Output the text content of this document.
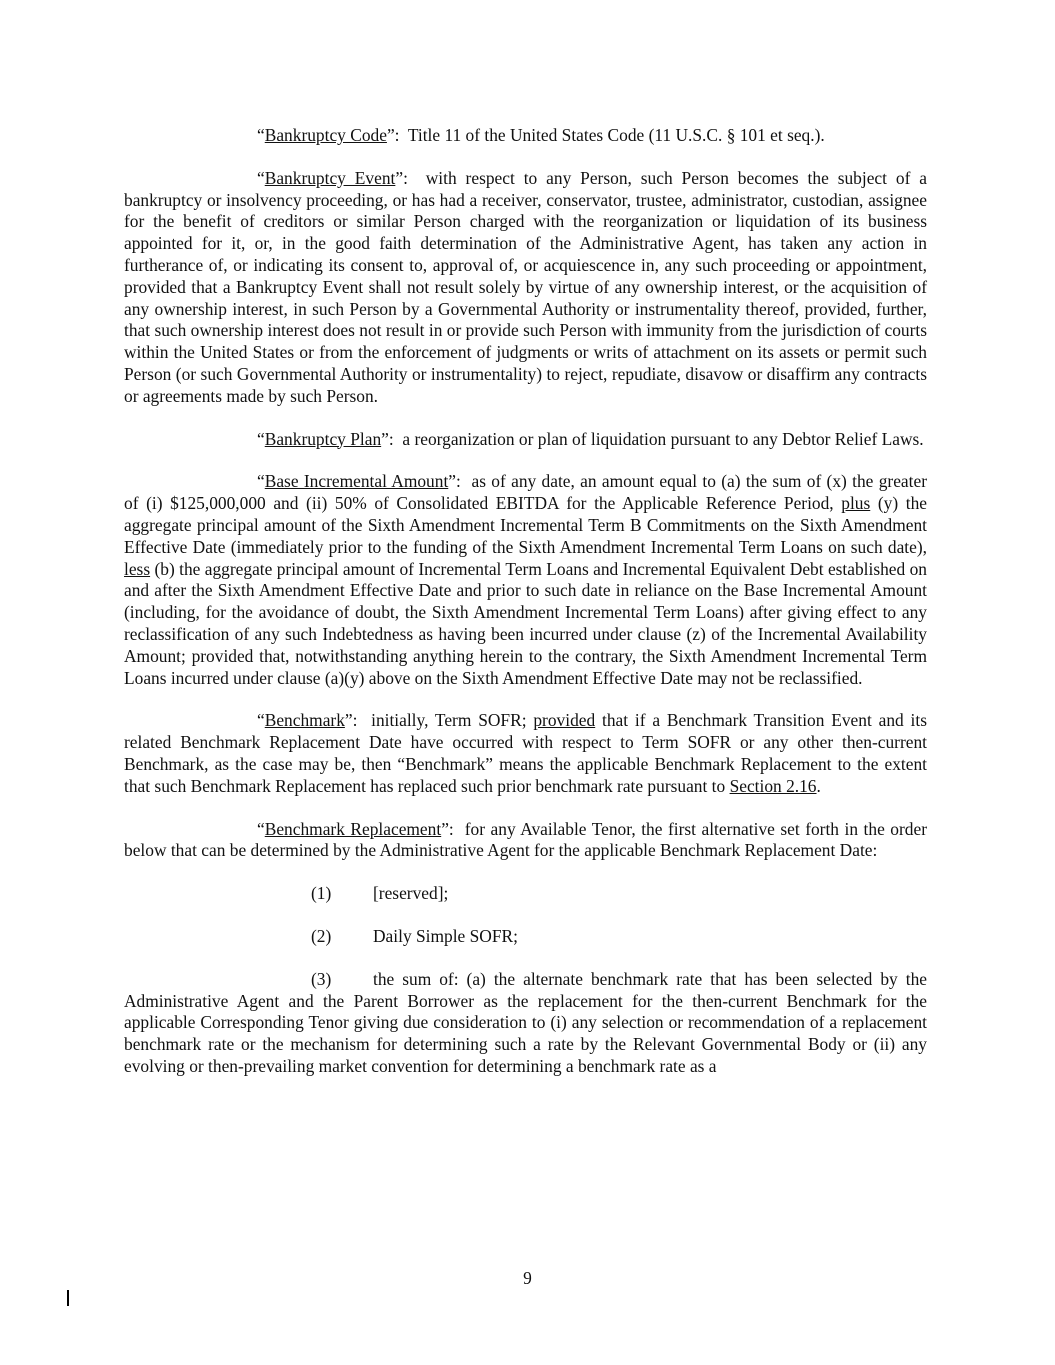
“Bankruptcy Code”:  Title 11 of the United States Code (11 U.S.C. § 101 et seq.).

“Bankruptcy Event”:  with respect to any Person, such Person becomes the subject of a bankruptcy or insolvency proceeding, or has had a receiver, conservator, trustee, administrator, custodian, assignee for the benefit of creditors or similar Person charged with the reorganization or liquidation of its business appointed for it, or, in the good faith determination of the Administrative Agent, has taken any action in furtherance of, or indicating its consent to, approval of, or acquiescence in, any such proceeding or appointment, provided that a Bankruptcy Event shall not result solely by virtue of any ownership interest, or the acquisition of any ownership interest, in such Person by a Governmental Authority or instrumentality thereof, provided, further, that such ownership interest does not result in or provide such Person with immunity from the jurisdiction of courts within the United States or from the enforcement of judgments or writs of attachment on its assets or permit such Person (or such Governmental Authority or instrumentality) to reject, repudiate, disavow or disaffirm any contracts or agreements made by such Person.

“Bankruptcy Plan”:  a reorganization or plan of liquidation pursuant to any Debtor Relief Laws.

“Base Incremental Amount”:  as of any date, an amount equal to (a) the sum of (x) the greater of (i) $125,000,000 and (ii) 50% of Consolidated EBITDA for the Applicable Reference Period, plus (y) the aggregate principal amount of the Sixth Amendment Incremental Term B Commitments on the Sixth Amendment Effective Date (immediately prior to the funding of the Sixth Amendment Incremental Term Loans on such date), less (b) the aggregate principal amount of Incremental Term Loans and Incremental Equivalent Debt established on and after the Sixth Amendment Effective Date and prior to such date in reliance on the Base Incremental Amount (including, for the avoidance of doubt, the Sixth Amendment Incremental Term Loans) after giving effect to any reclassification of any such Indebtedness as having been incurred under clause (z) of the Incremental Availability Amount; provided that, notwithstanding anything herein to the contrary, the Sixth Amendment Incremental Term Loans incurred under clause (a)(y) above on the Sixth Amendment Effective Date may not be reclassified.

“Benchmark”:  initially, Term SOFR; provided that if a Benchmark Transition Event and its related Benchmark Replacement Date have occurred with respect to Term SOFR or any other then-current Benchmark, as the case may be, then “Benchmark” means the applicable Benchmark Replacement to the extent that such Benchmark Replacement has replaced such prior benchmark rate pursuant to Section 2.16.

“Benchmark Replacement”:  for any Available Tenor, the first alternative set forth in the order below that can be determined by the Administrative Agent for the applicable Benchmark Replacement Date:

(1) [reserved];

(2) Daily Simple SOFR;

(3) the sum of: (a) the alternate benchmark rate that has been selected by the Administrative Agent and the Parent Borrower as the replacement for the then-current Benchmark for the applicable Corresponding Tenor giving due consideration to (i) any selection or recommendation of a replacement benchmark rate or the mechanism for determining such a rate by the Relevant Governmental Body or (ii) any evolving or then-prevailing market convention for determining a benchmark rate as a

9
